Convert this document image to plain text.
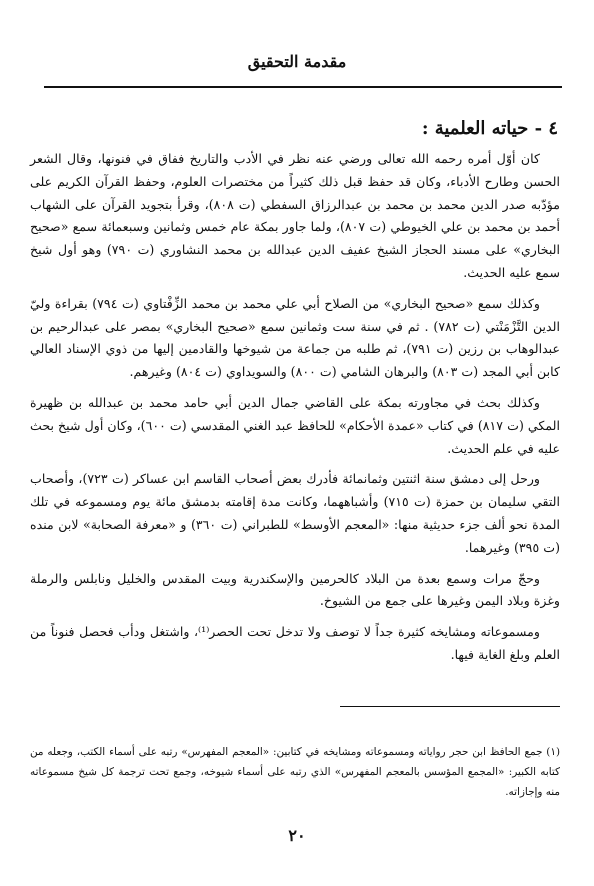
مقدمة التحقيق
٤ - حياته العلمية :

كان أوّل أمره رحمه الله تعالى ورضي عنه نظر في الأدب والتاريخ ففاق في فنونها، وقال الشعر الحسن وطارح الأدباء، وكان قد حفظ قبل ذلك كثيراً من مختصرات العلوم، وحفظ القرآن الكريم على مؤدّبه صدر الدين محمد بن محمد بن عبدالرزاق السفطي (ت ٨٠٨)، وقرأ بتجويد القرآن على الشهاب أحمد بن محمد بن علي الخيوطي (ت ٨٠٧)، ولما جاور بمكة عام خمس وثمانين وسبعمائة سمع «صحيح البخاري» على مسند الحجاز الشيخ عفيف الدين عبدالله بن محمد النشاوري (ت ٧٩٠) وهو أول شيخ سمع عليه الحديث.

وكذلك سمع «صحيح البخاري» من الصلاح أبي علي محمد بن محمد الزِّفْتاوي (ت ٧٩٤) بقراءة وليّ الدين التَّزْمَنْتي (ت ٧٨٢) . ثم في سنة ست وثمانين سمع «صحيح البخاري» بمصر على عبدالرحيم بن عبدالوهاب بن رزين (ت ٧٩١)، ثم طلبه من جماعة من شيوخها والقادمين إليها من ذوي الإسناد العالي كابن أبي المجد (ت ٨٠٣) والبرهان الشامي (ت ٨٠٠) والسويداوي (ت ٨٠٤) وغيرهم.

وكذلك بحث في مجاورته بمكة على القاضي جمال الدين أبي حامد محمد بن عبدالله بن ظهيرة المكي (ت ٨١٧) في كتاب «عمدة الأحكام» للحافظ عبد الغني المقدسي (ت ٦٠٠)، وكان أول شيخ بحث عليه في علم الحديث.

ورحل إلى دمشق سنة اثنتين وثمانمائة فأدرك بعض أصحاب القاسم ابن عساكر (ت ٧٢٣)، وأصحاب التقي سليمان بن حمزة (ت ٧١٥) وأشباههما، وكانت مدة إقامته بدمشق مائة يوم ومسموعه في تلك المدة نحو ألف جزء حديثية منها: «المعجم الأوسط» للطبراني (ت ٣٦٠) و «معرفة الصحابة» لابن منده (ت ٣٩٥) وغيرهما.

وحجّ مرات وسمع بعدة من البلاد كالحرمين والإسكندرية وبيت المقدس والخليل ونابلس والرملة وغزة وبلاد اليمن وغيرها على جمع من الشيوخ.

ومسموعاته ومشايخه كثيرة جداً لا توصف ولا تدخل تحت الحصر⁽¹⁾، واشتغل ودأب فحصل فنوناً من العلم وبلغ الغاية فيها.

(١) جمع الحافظ ابن حجر رواياته ومسموعاته ومشايخه في كتابين: «المعجم المفهرس» رتبه على أسماء الكتب، وجعله من كتابه الكبير: «المجمع المؤسس بالمعجم المفهرس» الذي رتبه على أسماء شيوخه، وجمع تحت ترجمة كل شيخ مسموعاته منه وإجازاته.
٢٠
